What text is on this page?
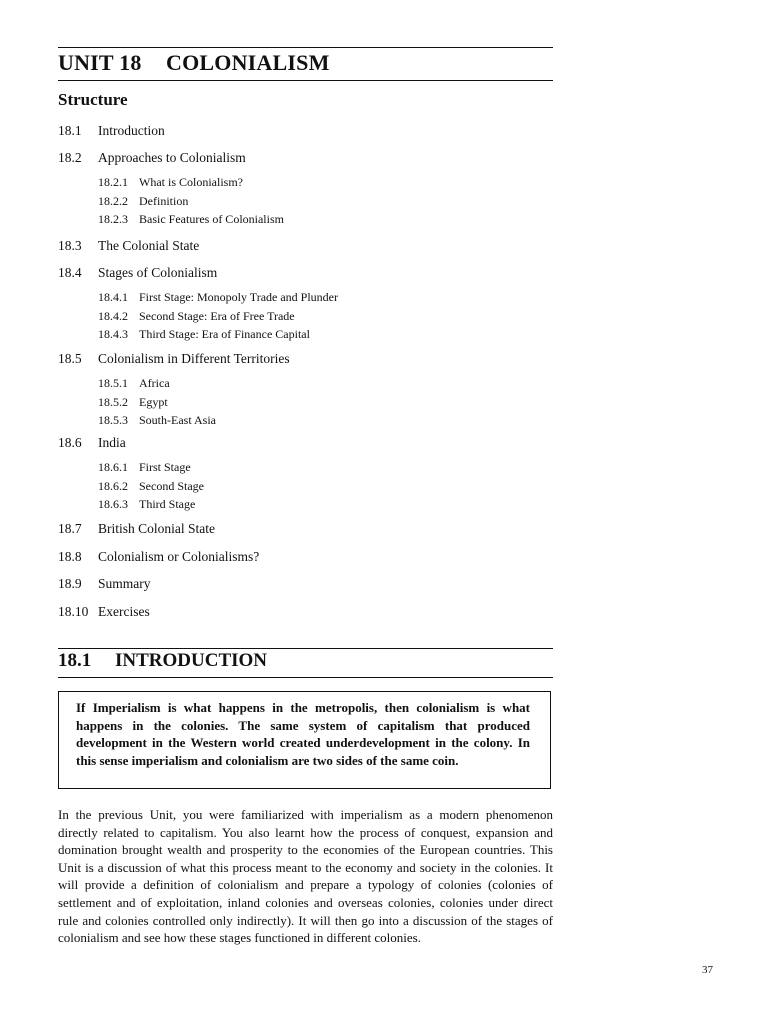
UNIT 18 COLONIALISM
Structure
18.1 Introduction
18.2 Approaches to Colonialism
18.2.1 What is Colonialism?
18.2.2 Definition
18.2.3 Basic Features of Colonialism
18.3 The Colonial State
18.4 Stages of Colonialism
18.4.1 First Stage: Monopoly Trade and Plunder
18.4.2 Second Stage: Era of Free Trade
18.4.3 Third Stage: Era of Finance Capital
18.5 Colonialism in Different Territories
18.5.1 Africa
18.5.2 Egypt
18.5.3 South-East Asia
18.6 India
18.6.1 First Stage
18.6.2 Second Stage
18.6.3 Third Stage
18.7 British Colonial State
18.8 Colonialism or Colonialisms?
18.9 Summary
18.10 Exercises
18.1 INTRODUCTION
If Imperialism is what happens in the metropolis, then colonialism is what happens in the colonies. The same system of capitalism that produced development in the Western world created underdevelopment in the colony. In this sense imperialism and colonialism are two sides of the same coin.
In the previous Unit, you were familiarized with imperialism as a modern phenomenon directly related to capitalism. You also learnt how the process of conquest, expansion and domination brought wealth and prosperity to the economies of the European countries. This Unit is a discussion of what this process meant to the economy and society in the colonies. It will provide a definition of colonialism and prepare a typology of colonies (colonies of settlement and of exploitation, inland colonies and overseas colonies, colonies under direct rule and colonies controlled only indirectly). It will then go into a discussion of the stages of colonialism and see how these stages functioned in different colonies.
37
